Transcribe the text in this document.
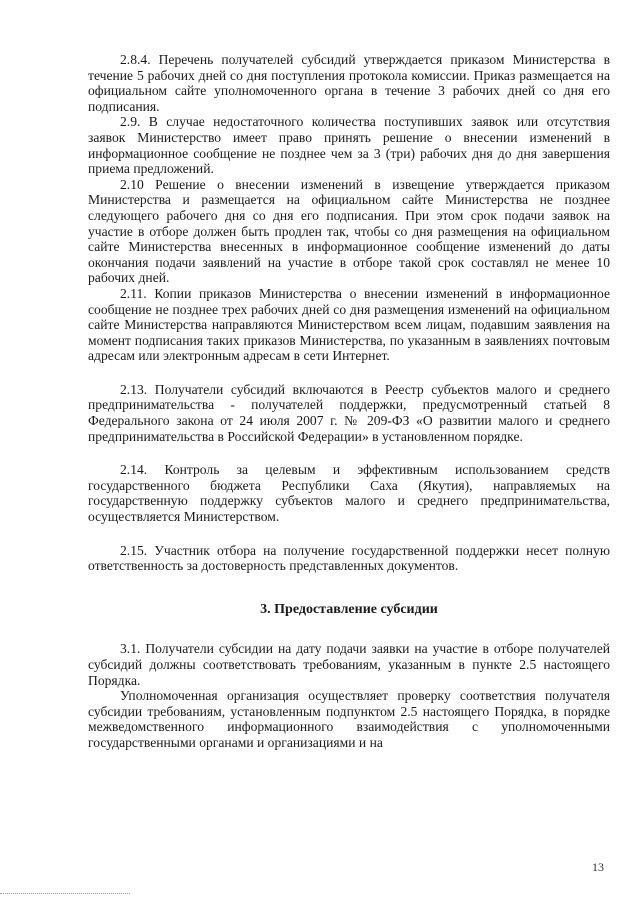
2.8.4. Перечень получателей субсидий утверждается приказом Министерства в течение 5 рабочих дней со дня поступления протокола комиссии. Приказ размещается на официальном сайте уполномоченного органа в течение 3 рабочих дней со дня его подписания.

2.9. В случае недостаточного количества поступивших заявок или отсутствия заявок Министерство имеет право принять решение о внесении изменений в информационное сообщение не позднее чем за 3 (три) рабочих дня до дня завершения приема предложений.

2.10 Решение о внесении изменений в извещение утверждается приказом Министерства и размещается на официальном сайте Министерства не позднее следующего рабочего дня со дня его подписания. При этом срок подачи заявок на участие в отборе должен быть продлен так, чтобы со дня размещения на официальном сайте Министерства внесенных в информационное сообщение изменений до даты окончания подачи заявлений на участие в отборе такой срок составлял не менее 10 рабочих дней.

2.11. Копии приказов Министерства о внесении изменений в информационное сообщение не позднее трех рабочих дней со дня размещения изменений на официальном сайте Министерства направляются Министерством всем лицам, подавшим заявления на момент подписания таких приказов Министерства, по указанным в заявлениях почтовым адресам или электронным адресам в сети Интернет.

2.13. Получатели субсидий включаются в Реестр субъектов малого и среднего предпринимательства - получателей поддержки, предусмотренный статьей 8 Федерального закона от 24 июля 2007 г. № 209-ФЗ «О развитии малого и среднего предпринимательства в Российской Федерации» в установленном порядке.

2.14. Контроль за целевым и эффективным использованием средств государственного бюджета Республики Саха (Якутия), направляемых на государственную поддержку субъектов малого и среднего предпринимательства, осуществляется Министерством.

2.15. Участник отбора на получение государственной поддержки несет полную ответственность за достоверность представленных документов.

3. Предоставление субсидии

3.1. Получатели субсидии на дату подачи заявки на участие в отборе получателей субсидий должны соответствовать требованиям, указанным в пункте 2.5 настоящего Порядка.

Уполномоченная организация осуществляет проверку соответствия получателя субсидии требованиям, установленным подпунктом 2.5 настоящего Порядка, в порядке межведомственного информационного взаимодействия с уполномоченными государственными органами и организациями и на

13
